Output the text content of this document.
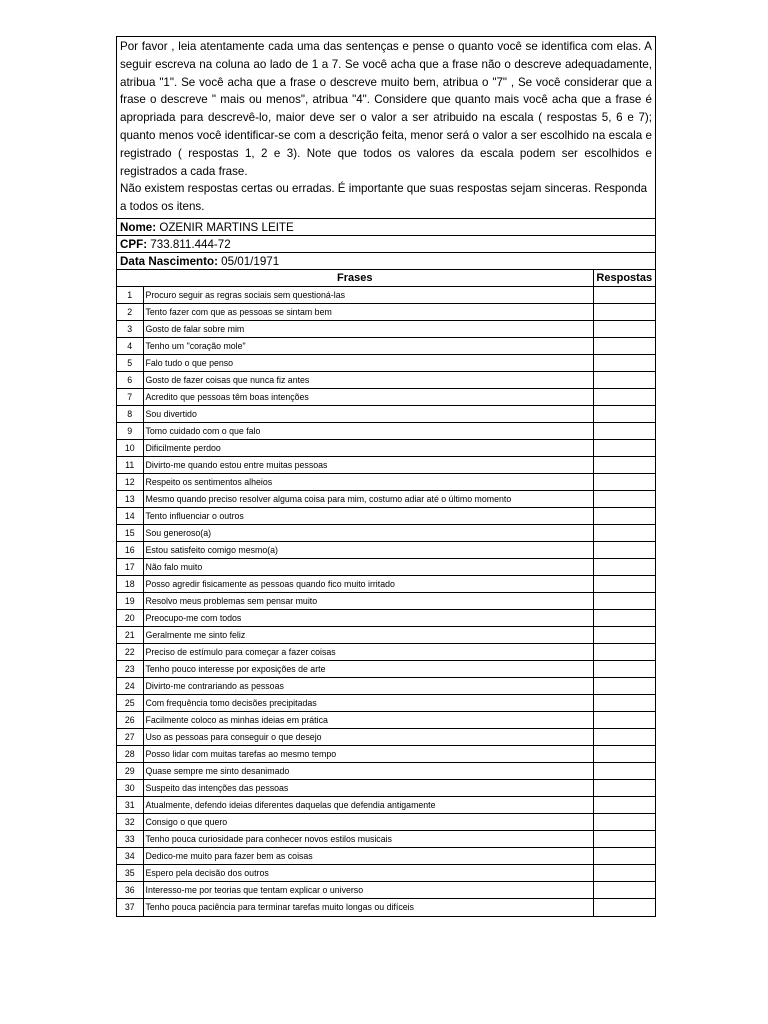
Por favor , leia atentamente cada uma das sentenças e pense o quanto você se identifica com elas. A seguir escreva na coluna ao lado de 1 a 7. Se você acha que a frase não o descreve adequadamente, atribua "1". Se você acha que a frase o descreve muito bem, atribua o "7" , Se você considerar que a frase o descreve " mais ou menos", atribua "4". Considere que quanto mais você acha que a frase é apropriada para descrevê-lo, maior deve ser o valor a ser atribuido na escala ( respostas 5, 6 e 7); quanto menos você identificar-se com a descrição feita, menor será o valor a ser escolhido na escala e registrado ( respostas 1, 2 e 3). Note que todos os valores da escala podem ser escolhidos e registrados a cada frase.

Não existem respostas certas ou erradas. É importante que suas respostas sejam sinceras. Responda a todos os itens.

Nome: OZENIR MARTINS LEITE
CPF: 733.811.444-72
Data Nascimento: 05/01/1971
Frases		Respostas
1	Procuro seguir as regras sociais sem questioná-las	
2	Tento fazer com que as pessoas se sintam bem	
3	Gosto de falar sobre mim	
4	Tenho um "coração mole"	
5	Falo tudo o que penso	
6	Gosto de fazer coisas que nunca fiz antes	
7	Acredito que pessoas têm boas intenções	
8	Sou divertido	
9	Tomo cuidado com o que falo	
10	Dificilmente perdoo	
11	Divirto-me quando estou entre muitas pessoas	
12	Respeito os sentimentos alheios	
13	Mesmo quando preciso resolver alguma coisa para mim, costumo adiar até o último momento	
14	Tento influenciar o outros	
15	Sou generoso(a)	
16	Estou satisfeito comigo mesmo(a)	
17	Não falo muito	
18	Posso agredir fisicamente as pessoas quando fico muito irritado	
19	Resolvo meus problemas sem pensar muito	
20	Preocupo-me com todos	
21	Geralmente me sinto feliz	
22	Preciso de estímulo para começar a fazer coisas	
23	Tenho pouco interesse por exposições de arte	
24	Divirto-me contrariando as pessoas	
25	Com frequência tomo decisões precipitadas	
26	Facilmente coloco as minhas ideias em prática	
27	Uso as pessoas para conseguir o que desejo	
28	Posso lidar com muitas tarefas ao mesmo tempo	
29	Quase sempre me sinto desanimado	
30	Suspeito das intenções das pessoas	
31	Atualmente, defendo ideias diferentes daquelas que defendia antigamente	
32	Consigo o que quero	
33	Tenho pouca curiosidade para conhecer novos estilos musicais	
34	Dedico-me muito para fazer bem as coisas	
35	Espero pela decisão dos outros	
36	Interesso-me por teorias que tentam explicar o universo	
37	Tenho pouca paciência para terminar tarefas muito longas ou difíceis	
